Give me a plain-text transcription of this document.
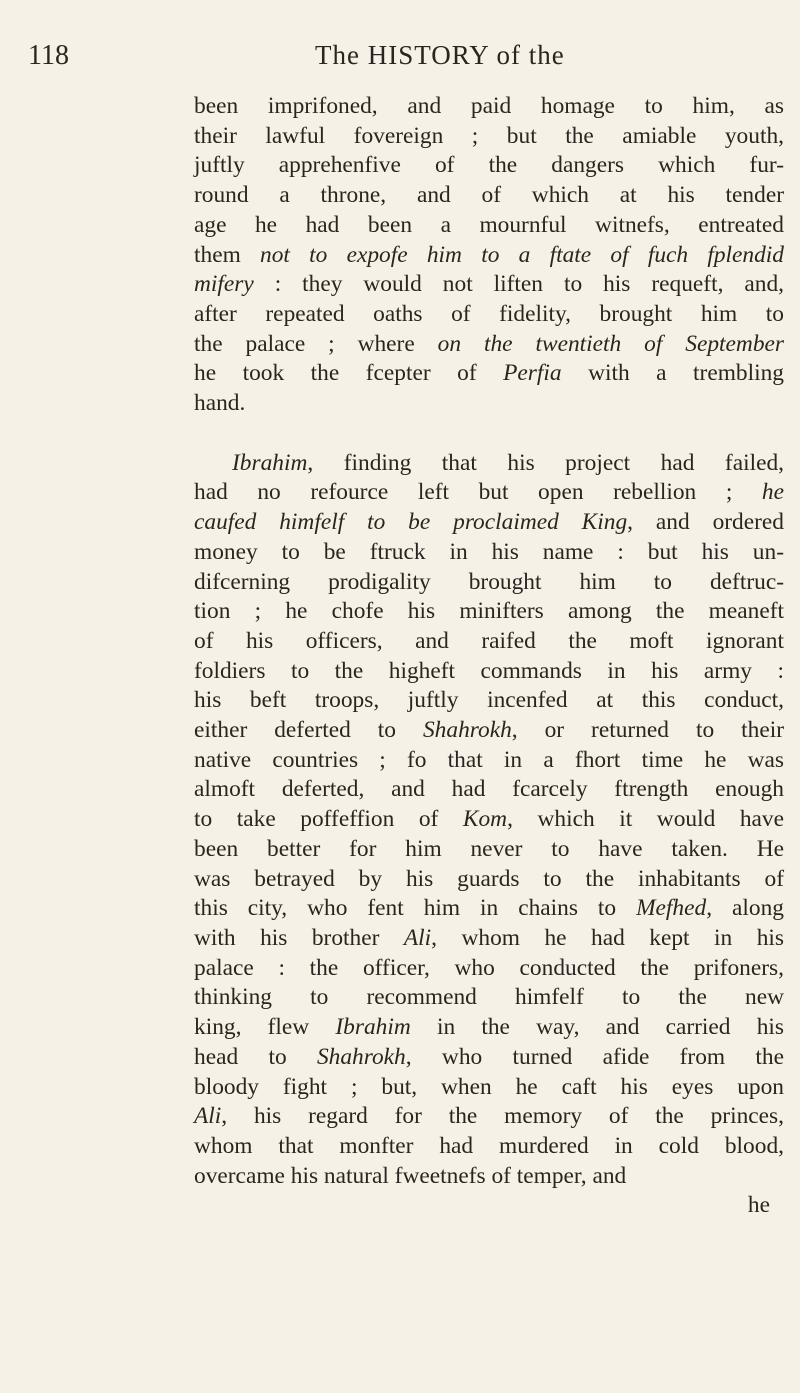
118	The HISTORY of the
been imprifoned, and paid homage to him, as
their lawful fovereign ; but the amiable youth,
juftly apprehenfive of the dangers which fur-
round a throne, and of which at his tender
age he had been a mournful witnefs, entreated
them not to expofe him to a ftate of fuch fplendid
mifery : they would not liften to his requeft, and,
after repeated oaths of fidelity, brought him to
the palace ; where on the twentieth of September
he took the fcepter of Perfia with a trembling
hand.
Ibrahim, finding that his project had failed,
had no refource left but open rebellion ; he
caufed himfelf to be proclaimed King, and ordered
money to be ftruck in his name : but his un-
difcerning prodigality brought him to deftruc-
tion ; he chofe his minifters among the meaneft
of his officers, and raifed the moft ignorant
foldiers to the higheft commands in his army :
his beft troops, juftly incenfed at this conduct,
either deferted to Shahrokh, or returned to their
native countries ; fo that in a fhort time he was
almoft deferted, and had fcarcely ftrength enough
to take poffeffion of Kom, which it would have
been better for him never to have taken. He
was betrayed by his guards to the inhabitants of
this city, who fent him in chains to Mefhed, along
with his brother Ali, whom he had kept in his
palace : the officer, who conducted the prifoners,
thinking to recommend himfelf to the new
king, flew Ibrahim in the way, and carried his
head to Shahrokh, who turned afide from the
bloody fight ; but, when he caft his eyes upon
Ali, his regard for the memory of the princes,
whom that monfter had murdered in cold blood,
overcame his natural fweetnefs of temper, and
he
